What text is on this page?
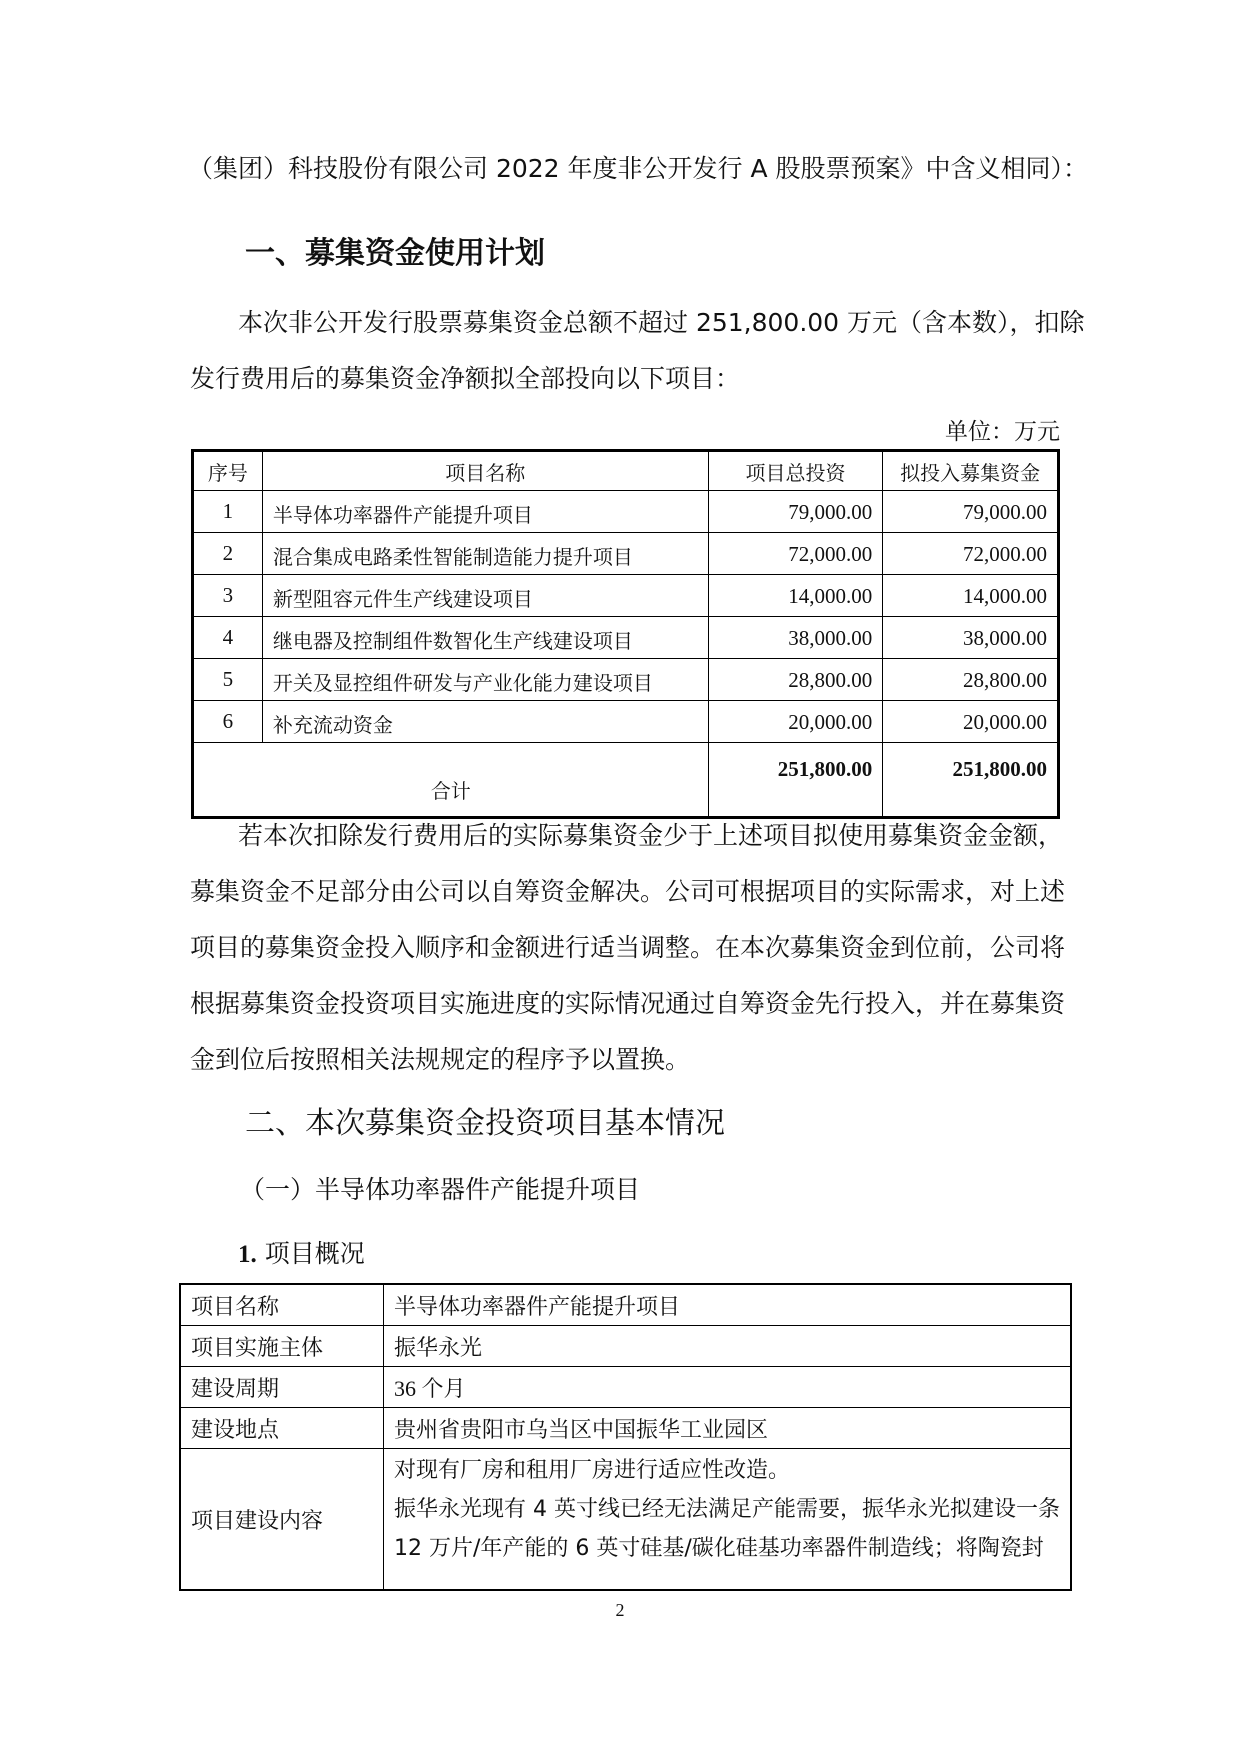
（集团）科技股份有限公司 2022 年度非公开发行 A 股股票预案》中含义相同）：

一、募集资金使用计划

本次非公开发行股票募集资金总额不超过 251,800.00 万元（含本数），扣除

发行费用后的募集资金净额拟全部投向以下项目：

单位：万元

序号	项目名称	项目总投资	拟投入募集资金
1	半导体功率器件产能提升项目	79,000.00	79,000.00
2	混合集成电路柔性智能制造能力提升项目	72,000.00	72,000.00
3	新型阻容元件生产线建设项目	14,000.00	14,000.00
4	继电器及控制组件数智化生产线建设项目	38,000.00	38,000.00
5	开关及显控组件研发与产业化能力建设项目	28,800.00	28,800.00
6	补充流动资金	20,000.00	20,000.00
合计		251,800.00	251,800.00

若本次扣除发行费用后的实际募集资金少于上述项目拟使用募集资金金额，

募集资金不足部分由公司以自筹资金解决。公司可根据项目的实际需求，对上述

项目的募集资金投入顺序和金额进行适当调整。在本次募集资金到位前，公司将

根据募集资金投资项目实施进度的实际情况通过自筹资金先行投入，并在募集资

金到位后按照相关法规规定的程序予以置换。

二、本次募集资金投资项目基本情况
（一）半导体功率器件产能提升项目

1. 项目概况

项目名称	半导体功率器件产能提升项目
项目实施主体	振华永光
建设周期	36 个月
建设地点	贵州省贵阳市乌当区中国振华工业园区
项目建设内容	对现有厂房和租用厂房进行适应性改造。
振华永光现有 4 英寸线已经无法满足产能需要，振华永光拟建设一条
12 万片/年产能的 6 英寸硅基/碳化硅基功率器件制造线；将陶瓷封
2
